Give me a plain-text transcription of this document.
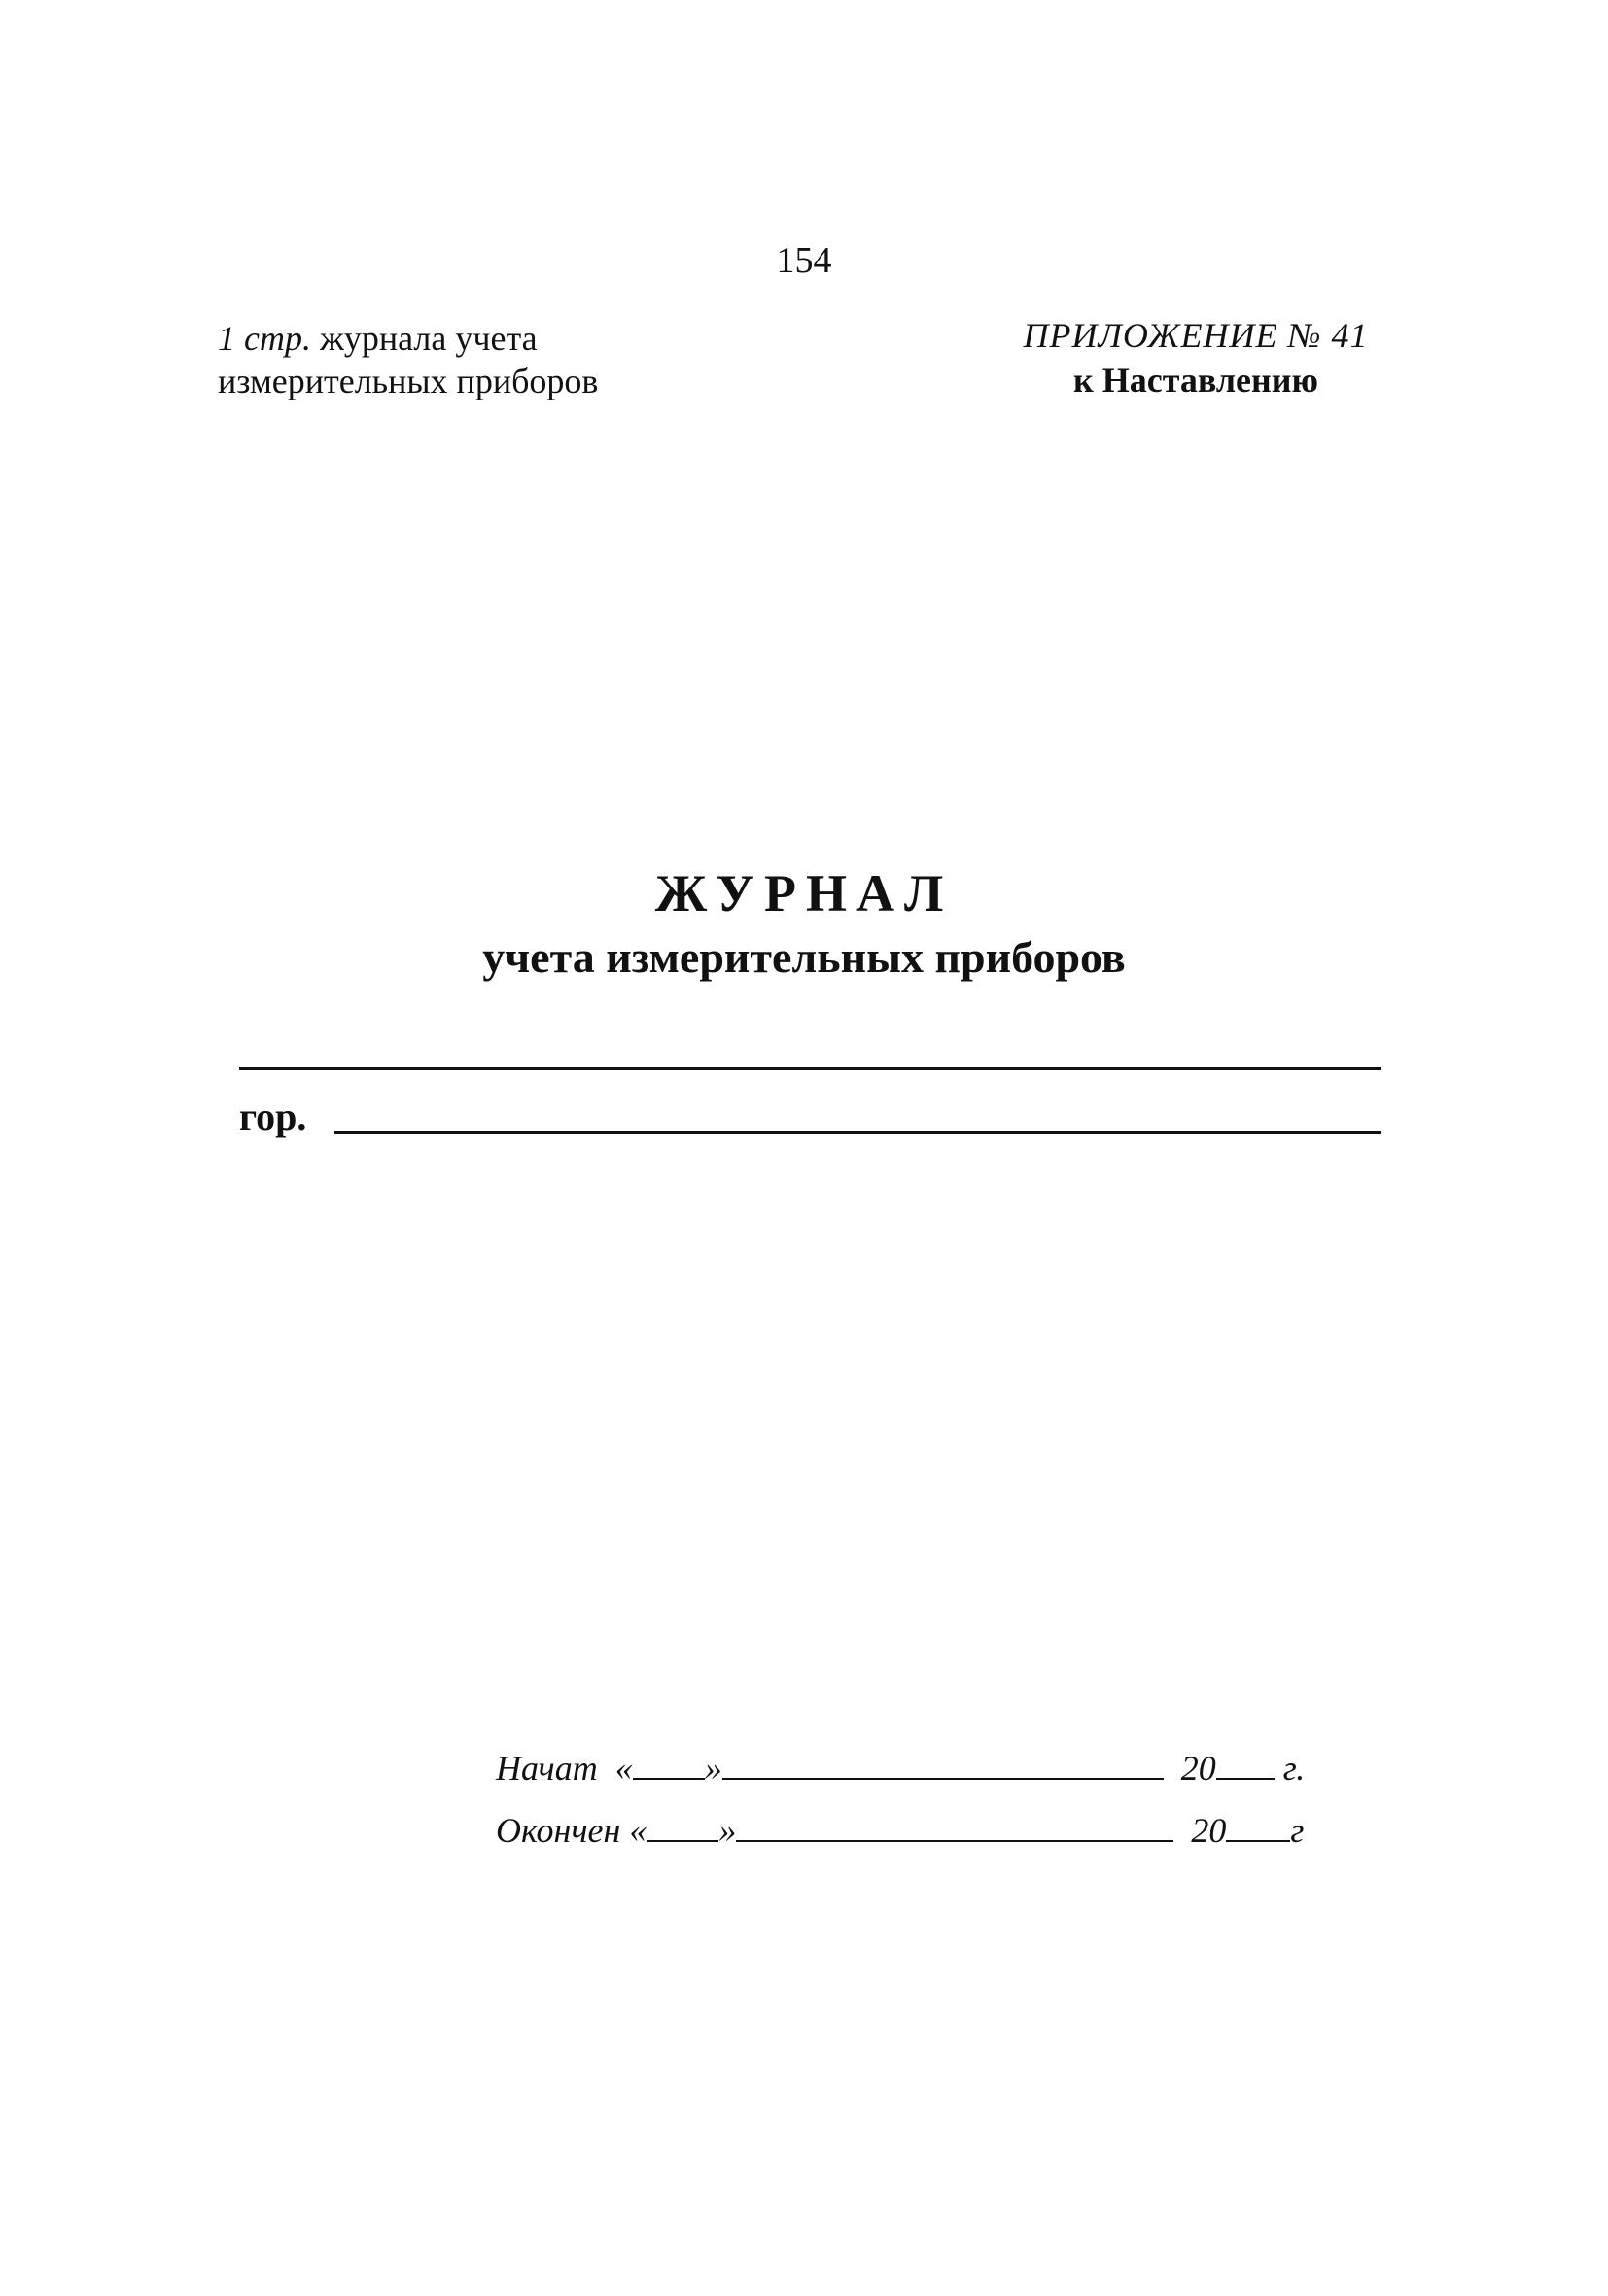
154
1 стр. журнала учета
измерительных приборов
ПРИЛОЖЕНИЕ № 41
к Наставлению
ЖУРНАЛ
учета измерительных приборов
гор.
Начат « »	20 г.
Окончен « »	20 г
